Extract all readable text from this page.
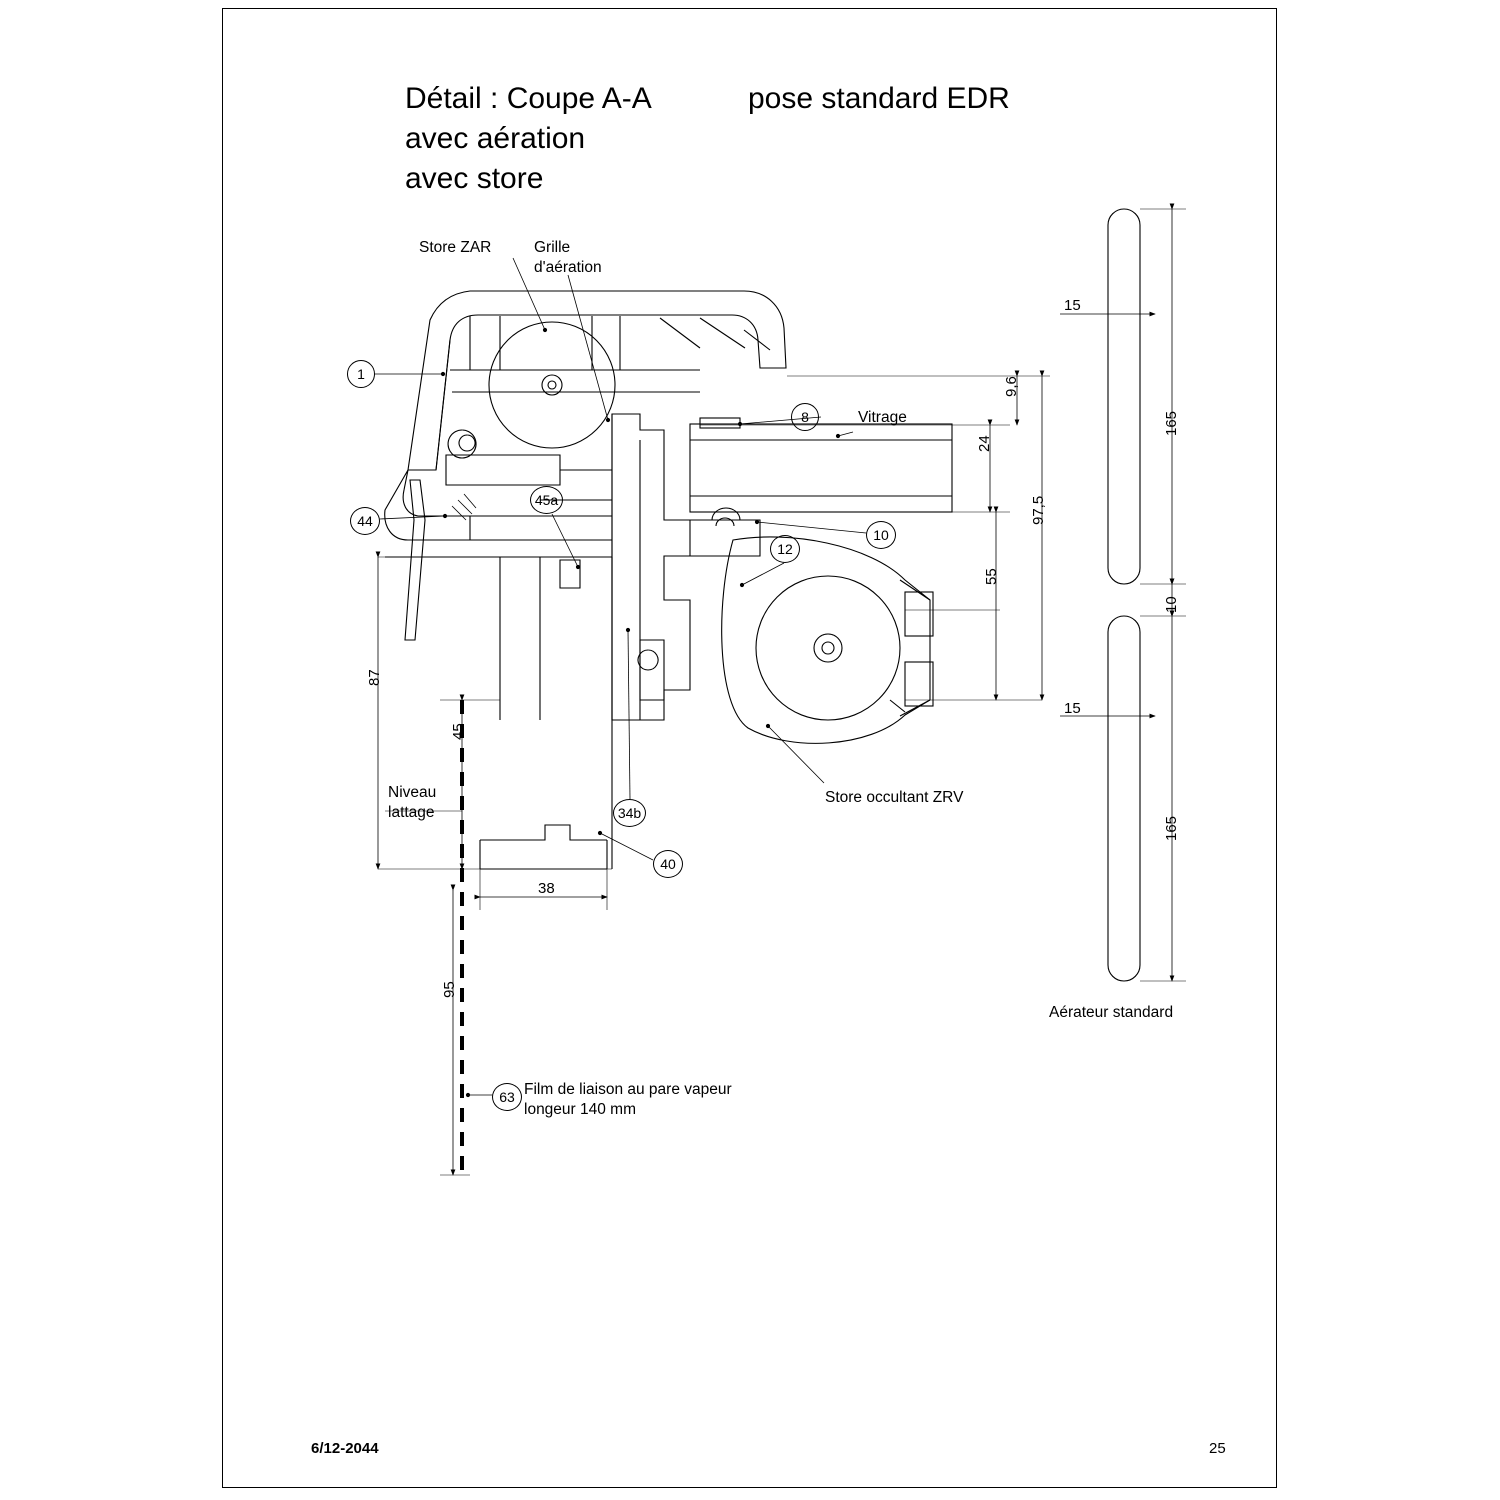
Détail : Coupe A-A	pose standard EDR
avec aération
avec store
Store ZAR	Grille
d'aération
Vitrage
Store occultant ZRV
Niveau
lattage
Film de liaison au pare vapeur
longeur 140 mm
Aérateur standard
15
165
10
15
165
9,6
24
97,5
55
87
45
38
95
1
8
44
45a
10
12
34b
40
63
6/12-2044	25
